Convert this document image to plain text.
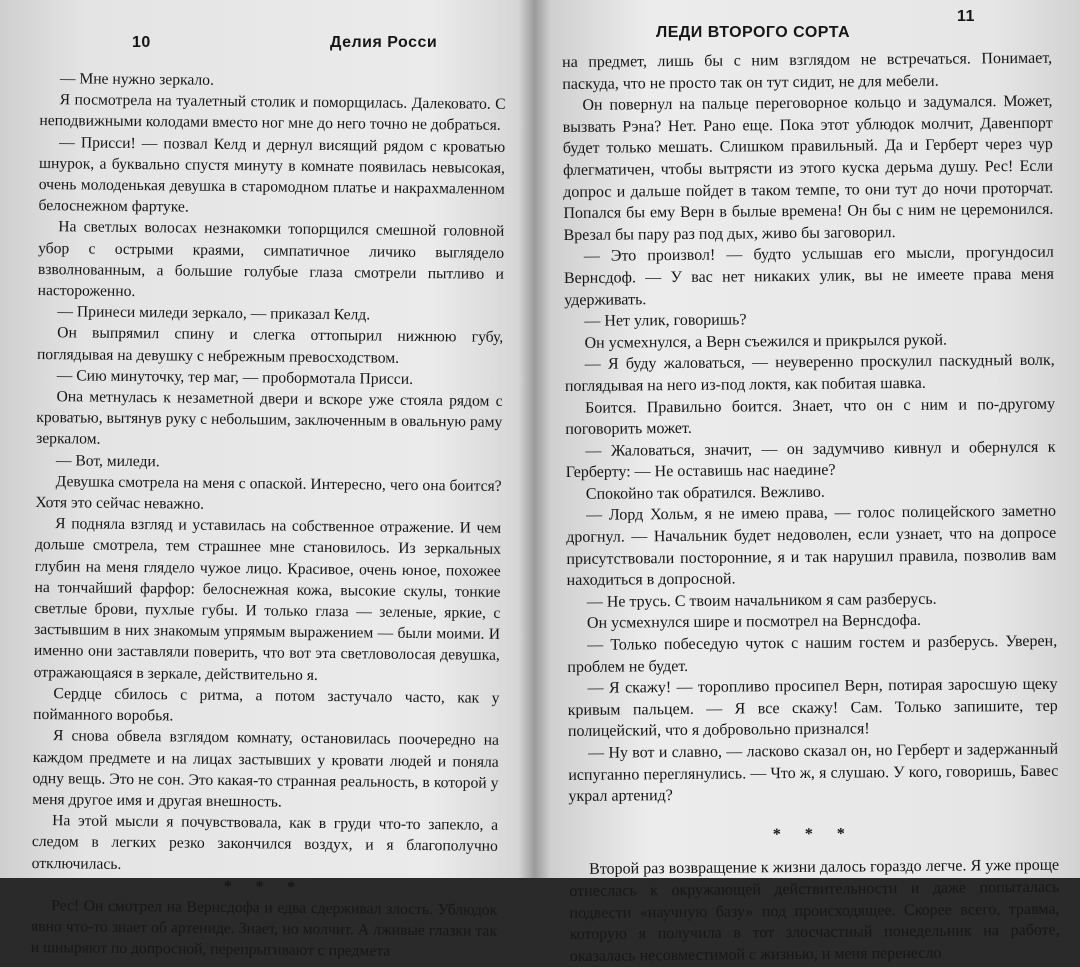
10	Делия Росси

— Мне нужно зеркало.

Я посмотрела на туалетный столик и поморщилась. Далековато. С неподвижными колодами вместо ног мне до него точно не добраться.

— Присси! — позвал Келд и дернул висящий рядом с кроватью шнурок, а буквально спустя минуту в комнате появилась невысокая, очень молоденькая девушка в старомодном платье и накрахмаленном белоснежном фартуке.

На светлых волосах незнакомки топорщился смешной головной убор с острыми краями, симпатичное личико выглядело взволнованным, а большие голубые глаза смотрели пытливо и настороженно.

— Принеси миледи зеркало, — приказал Келд.

Он выпрямил спину и слегка оттопырил нижнюю губу, поглядывая на девушку с небрежным превосходством.

— Сию минуточку, тер маг, — пробормотала Присси.

Она метнулась к незаметной двери и вскоре уже стояла рядом с кроватью, вытянув руку с небольшим, заключенным в овальную раму зеркалом.

— Вот, миледи.

Девушка смотрела на меня с опаской. Интересно, чего она боится? Хотя это сейчас неважно.

Я подняла взгляд и уставилась на собственное отражение. И чем дольше смотрела, тем страшнее мне становилось. Из зеркальных глубин на меня глядело чужое лицо. Красивое, очень юное, похожее на тончайший фарфор: белоснежная кожа, высокие скулы, тонкие светлые брови, пухлые губы. И только глаза — зеленые, яркие, с застывшим в них знакомым упрямым выражением — были моими. И именно они заставляли поверить, что вот эта светловолосая девушка, отражающаяся в зеркале, действительно я.

Сердце сбилось с ритма, а потом застучало часто, как у пойманного воробья.

Я снова обвела взглядом комнату, остановилась поочередно на каждом предмете и на лицах застывших у кровати людей и поняла одну вещь. Это не сон. Это какая-то странная реальность, в которой у меня другое имя и другая внешность.

На этой мысли я почувствовала, как в груди что-то запекло, а следом в легких резко закончился воздух, и я благополучно отключилась.

* * *

Рес! Он смотрел на Вернсдофа и едва сдерживал злость. Ублюдок явно что-то знает об артениде. Знает, но молчит. А лживые глазки так и шныряют по допросной, перепрыгивают с предмета

ЛЕДИ ВТОРОГО СОРТА
11

на предмет, лишь бы с ним взглядом не встречаться. Понимает, паскуда, что не просто так он тут сидит, не для мебели.

Он повернул на пальце переговорное кольцо и задумался. Может, вызвать Рэна? Нет. Рано еще. Пока этот ублюдок молчит, Давенпорт будет только мешать. Слишком правильный. Да и Герберт через чур флегматичен, чтобы вытрясти из этого куска дерьма душу. Рес! Если допрос и дальше пойдет в таком темпе, то они тут до ночи проторчат. Попался бы ему Верн в былые времена! Он бы с ним не церемонился. Врезал бы пару раз под дых, живо бы заговорил.

— Это произвол! — будто услышав его мысли, прогундосил Вернсдоф. — У вас нет никаких улик, вы не имеете права меня удерживать.

— Нет улик, говоришь?

Он усмехнулся, а Верн съежился и прикрылся рукой.

— Я буду жаловаться, — неуверенно проскулил паскудный волк, поглядывая на него из-под локтя, как побитая шавка.

Боится. Правильно боится. Знает, что он с ним и по-другому поговорить может.

— Жаловаться, значит, — он задумчиво кивнул и обернулся к Герберту: — Не оставишь нас наедине?

Спокойно так обратился. Вежливо.

— Лорд Хольм, я не имею права, — голос полицейского заметно дрогнул. — Начальник будет недоволен, если узнает, что на допросе присутствовали посторонние, я и так нарушил правила, позволив вам находиться в допросной.

— Не трусь. С твоим начальником я сам разберусь.

Он усмехнулся шире и посмотрел на Вернсдофа.

— Только побеседую чуток с нашим гостем и разберусь. Уверен, проблем не будет.

— Я скажу! — торопливо просипел Верн, потирая заросшую щеку кривым пальцем. — Я все скажу! Сам. Только запишите, тер полицейский, что я добровольно признался!

— Ну вот и славно, — ласково сказал он, но Герберт и задержанный испуганно переглянулись. — Что ж, я слушаю. У кого, говоришь, Бавес украл артенид?

* * *

Второй раз возвращение к жизни далось гораздо легче. Я уже проще отнеслась к окружающей действительности и даже попыталась подвести «научную базу» под происходящее. Скорее всего, травма, которую я получила в тот злосчастный понедельник на работе, оказалась несовместимой с жизнью, и меня перенесло
